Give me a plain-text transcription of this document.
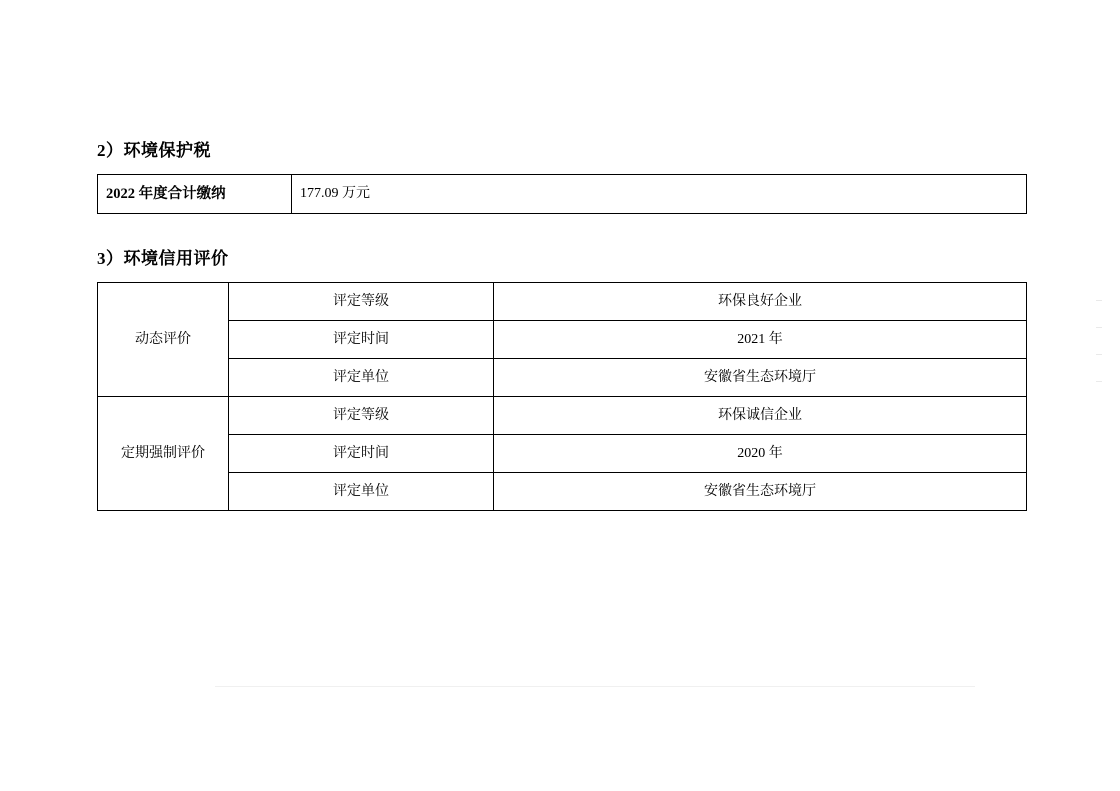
2）环境保护税
2022 年度合计缴纳	177.09 万元
3）环境信用评价
动态评价	评定等级	环保良好企业
	评定时间	2021 年
	评定单位	安徽省生态环境厅
定期强制评价	评定等级	环保诚信企业
	评定时间	2020 年
	评定单位	安徽省生态环境厅
